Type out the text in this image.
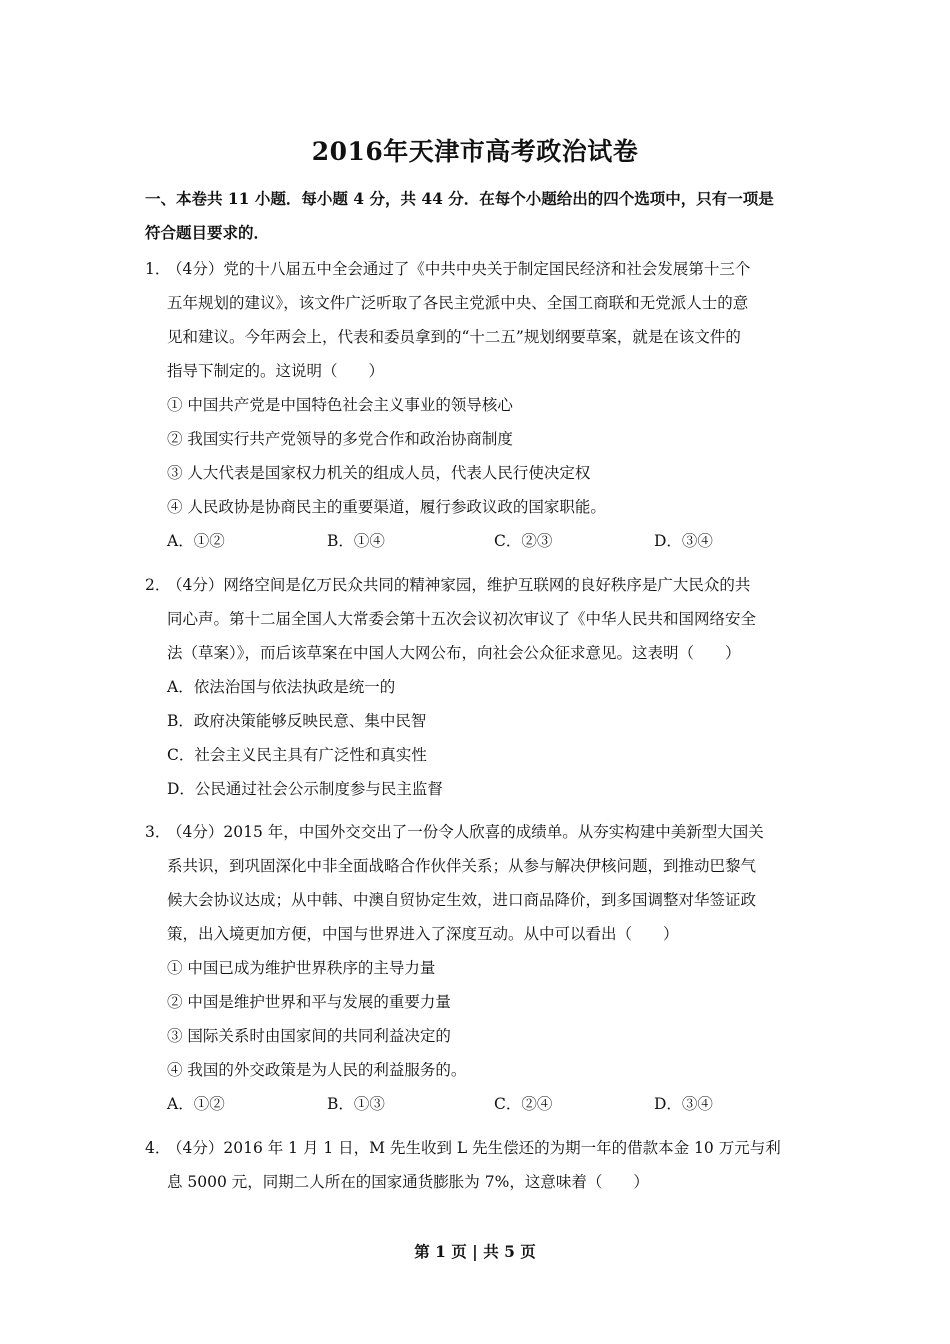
2016年天津市高考政治试卷
一、本卷共 11 小题．每小题 4 分，共 44 分．在每个小题给出的四个选项中，只有一项是
符合题目要求的．
1．（4分）党的十八届五中全会通过了《中共中央关于制定国民经济和社会发展第十三个
五年规划的建议》，该文件广泛听取了各民主党派中央、全国工商联和无党派人士的意
见和建议。今年两会上，代表和委员拿到的“十二五”规划纲要草案，就是在该文件的
指导下制定的。这说明（　　）
① 中国共产党是中国特色社会主义事业的领导核心
② 我国实行共产党领导的多党合作和政治协商制度
③ 人大代表是国家权力机关的组成人员，代表人民行使决定权
④ 人民政协是协商民主的重要渠道，履行参政议政的国家职能。
A．①②	B．①④	C．②③	D．③④
2．（4分）网络空间是亿万民众共同的精神家园，维护互联网的良好秩序是广大民众的共
同心声。第十二届全国人大常委会第十五次会议初次审议了《中华人民共和国网络安全
法（草案）》，而后该草案在中国人大网公布，向社会公众征求意见。这表明（　　）
A．依法治国与依法执政是统一的
B．政府决策能够反映民意、集中民智
C．社会主义民主具有广泛性和真实性
D．公民通过社会公示制度参与民主监督
3．（4分）2015 年，中国外交交出了一份令人欣喜的成绩单。从夯实构建中美新型大国关
系共识，到巩固深化中非全面战略合作伙伴关系；从参与解决伊核问题，到推动巴黎气
候大会协议达成；从中韩、中澳自贸协定生效，进口商品降价，到多国调整对华签证政
策，出入境更加方便，中国与世界进入了深度互动。从中可以看出（　　）
① 中国已成为维护世界秩序的主导力量
② 中国是维护世界和平与发展的重要力量
③ 国际关系时由国家间的共同利益决定的
④ 我国的外交政策是为人民的利益服务的。
A．①②	B．①③	C．②④	D．③④
4．（4分）2016 年 1 月 1 日，M 先生收到 L 先生偿还的为期一年的借款本金 10 万元与利
息 5000 元，同期二人所在的国家通货膨胀为 7%，这意味着（　　）
第 1 页 | 共 5 页
